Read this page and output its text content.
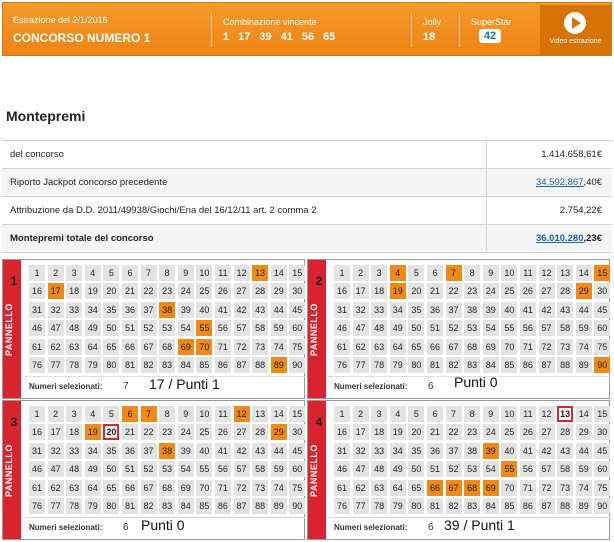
Estrazione del 2/1/2016
CONCORSO NUMERO 1
Combinazione vincente
1 17 39 41 56 65
Jolly
18
SuperStar
42	Video estrazione
Montepremi
del concorso	1.414.658,61€
Riporto Jackpot concorso precedente	34.592.867,40€
Attribuzione da D.D. 2011/49938/Giochi/Ena del 16/12/11 art. 2 comma 2	2.754,22€
Montepremi totale del concorso	36.010.280,23€
1
PANNELLO
1	2	3	4	5	6	7	8	9	10 11 12 13 14 15
16 17 18 19 20 21 22 23 24 25 26 27 28 29 30
31 32 33 34 35 36 37 38 39 40 41 42 43 44 45
46 47 48 49 50 51 52 53 54 55 56 57 58 59 60
61 62 63 64 65 66 67 68 69 70 71 72 73 74 75
76 77 78 79 80 81 82 83 84 85 86 87 88 89 90
Numeri selezionati: 7 17 / Punti 1
2
PANNELLO
1	2	3	4	5	6	7	8	9	10 11 12 13 14 15
16 17 18 19 20 21 22 23 24 25 26 27 28 29 30
31 32 33 34 35 36 37 38 39 40 41 42 43 44 45
46 47 48 49 50 51 52 53 54 55 56 57 58 59 60
61 62 63 64 65 66 67 68 69 70 71 72 73 74 75
76 77 78 79 80 81 82 83 84 85 86 87 88 89 90
Numeri selezionati: 6 Punti 0
3
PANNELLO
1	2	3	4	5	6	7	8	9	10 11 12 13 14 15
16 17 18 19 20 21 22 23 24 25 26 27 28 29 30
31 32 33 34 35 36 37 38 39 40 41 42 43 44 45
46 47 48 49 50 51 52 53 54 55 56 57 58 59 60
61 62 63 64 65 66 67 68 69 70 71 72 73 74 75
76 77 78 79 80 81 82 83 84 85 86 87 88 89 90
Numeri selezionati: 6 Punti 0
4
PANNELLO
1	2	3	4	5	6	7	8	9	10 11 12 13 14 15
16 17 18 19 20 21 22 23 24 25 26 27 28 29 30
31 32 33 34 35 36 37 38 39 40 41 42 43 44 45
46 47 48 49 50 51 52 53 54 55 56 57 58 59 60
61 62 63 64 65 66 67 68 69 70 71 72 73 74 75
76 77 78 79 80 81 82 83 84 85 86 87 88 89 90
Numeri selezionati: 6 39 / Punti 1
